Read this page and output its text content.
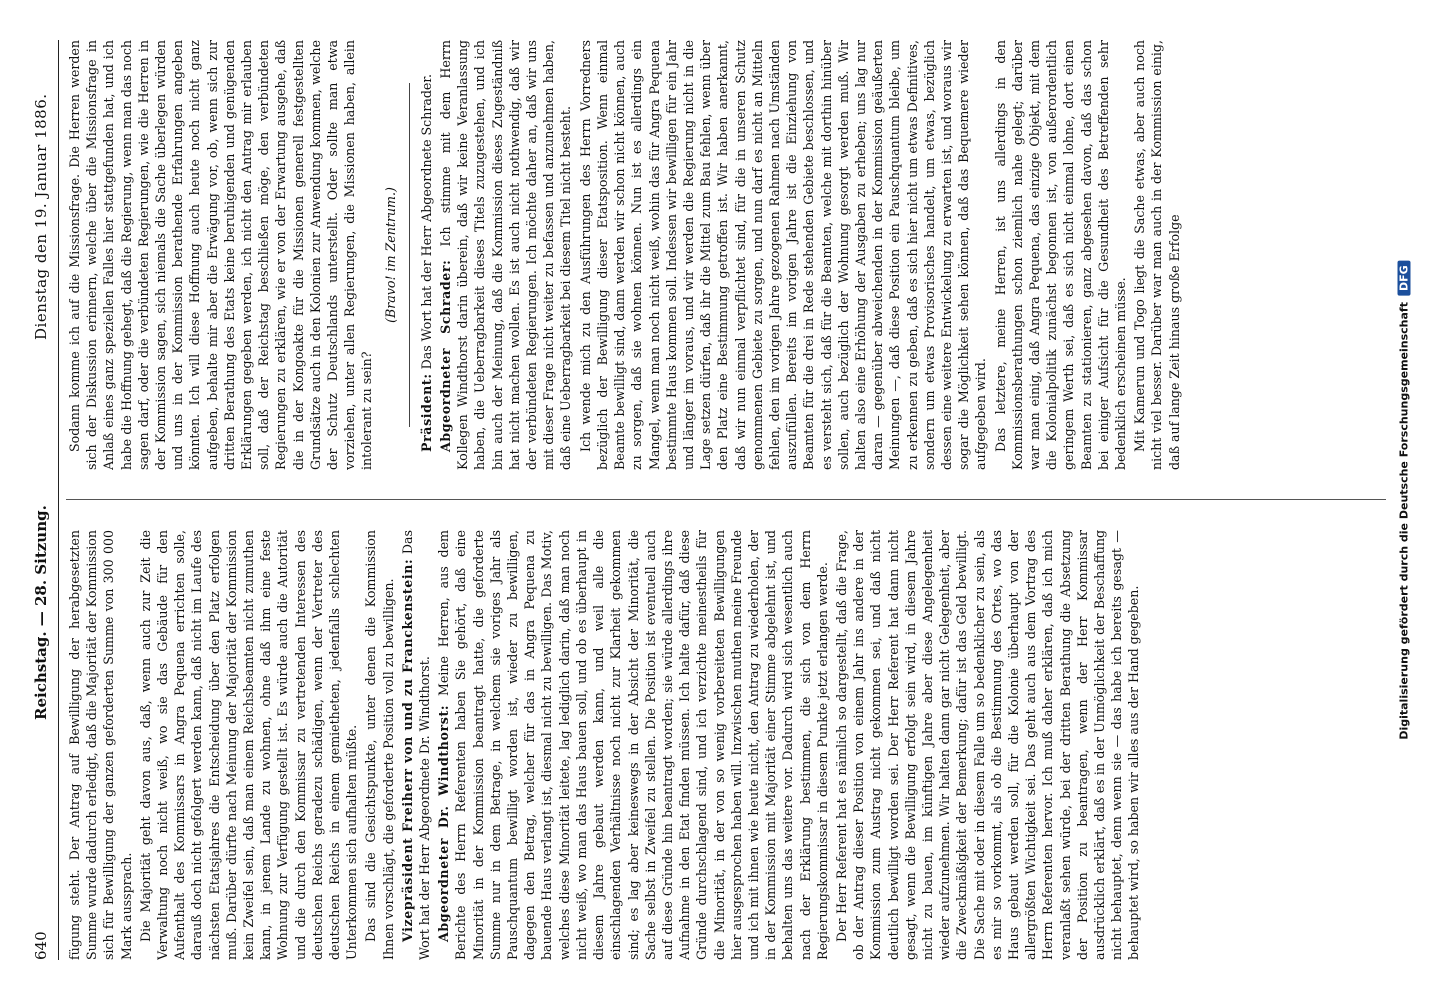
640
Reichstag. — 28. Sitzung.
Dienstag den 19. Januar 1886.

fügung steht. Der Antrag auf Bewilligung der herabgesetzten Summe wurde dadurch erledigt, daß die Majorität der Kommission sich für Bewilligung der ganzen geforderten Summe von 300 000 Mark aussprach. Die Majorität geht davon aus, daß, wenn auch zur Zeit die Verwaltung noch nicht weiß, wo sie das Gebäude für den Aufenthalt des Kommissars in Angra Pequena errichten solle, darauß doch nicht gefolgert werden kann, daß nicht im Laufe des nächsten Etatsjahres die Entscheidung über den Platz erfolgen muß. Darüber dürfte nach Meinung der Majorität der Kommission kein Zweifel sein, daß man einem Reichsbeamten nicht zumuthen kann, in jenem Lande zu wohnen, ohne daß ihm eine feste Wohnung zur Verfügung gestellt ist. Es würde auch die Autorität und die durch den Kommissar zu vertretenden Interessen des deutschen Reichs geradezu schädigen, wenn der Vertreter des deutschen Reichs in einem gemietheten, jedenfalls schlechten Unterkommen sich aufhalten müßte. Das sind die Gesichtspunkte, unter denen die Kommission Ihnen vorschlägt, die geforderte Position voll zu bewilligen. Vizepräsident Freiherr von und zu Franckenstein: Das Wort hat der Herr Abgeordnete Dr. Windthorst. Abgeordneter Dr. Windthorst: Meine Herren, aus dem Berichte des Herrn Referenten haben Sie gehört, daß eine Minorität in der Kommission beantragt hatte, die geforderte Summe nur in dem Betrage, in welchem sie voriges Jahr als Pauschquantum bewilligt worden ist, wieder zu bewilligen, dagegen den Betrag, welcher für das in Angra Pequena zu bauende Haus verlangt ist, diesmal nicht zu bewilligen. Das Motiv, welches diese Minorität leitete, lag lediglich darin, daß man noch nicht weiß, wo man das Haus bauen soll, und ob es überhaupt in diesem Jahre gebaut werden kann, und weil alle die einschlagenden Verhältnisse noch nicht zur Klarheit gekommen sind; es lag aber keineswegs in der Absicht der Minorität, die Sache selbst in Zweifel zu stellen. Die Position ist eventuell auch auf diese Gründe hin beantragt worden; sie würde allerdings ihre Aufnahme in den Etat finden müssen. Ich halte dafür, daß diese Gründe durchschlagend sind, und ich verzichte meinestheils für die Minorität, in der von so wenig vorbereiteten Bewilligungen hier ausgesprochen haben will. Inzwischen muthen meine Freunde und ich mit ihnen wie heute nicht, den Antrag zu wiederholen, der in der Kommission mit Majorität einer Stimme abgelehnt ist, und behalten uns das weitere vor. Dadurch wird sich wesentlich auch nach der Erklärung bestimmen, die sich von dem Herrn Regierungskommissar in diesem Punkte jetzt erlangen werde. Der Herr Referent hat es nämlich so dargestellt, daß die Frage, ob der Antrag dieser Position von einem Jahr ins andere in der Kommission zum Austrag nicht gekommen sei, und daß nicht deutlich bewilligt worden sei. Der Herr Referent hat dann nicht gesagt, wenn die Bewilligung erfolgt sein wird, in diesem Jahre nicht zu bauen, im künftigen Jahre aber diese Angelegenheit wieder aufzunehmen. Wir halten dann gar nicht Gelegenheit, aber die Zweckmäßigkeit der Bemerkung; dafür ist das Geld bewilligt. Die Sache mit oder in diesem Falle um so bedenklicher zu sein, als es mir so vorkommt, als ob die Bestimmung des Ortes, wo das Haus gebaut werden soll, für die Kolonie überhaupt von der allergrößten Wichtigkeit sei. Das geht auch aus dem Vortrag des Herrn Referenten hervor. Ich muß daher erklären, daß ich mich veranlaßt sehen würde, bei der dritten Berathung die Absetzung der Position zu beantragen, wenn der Herr Kommissar ausdrücklich erklärt, daß es in der Unmöglichkeit der Beschaffung nicht behauptet, denn wenn sie — das habe ich bereits gesagt — behauptet wird, so haben wir alles aus der Hand gegeben.

Sodann komme ich auf die Missionsfrage. Die Herren werden sich der Diskussion erinnern, welche über die Missionsfrage in Anlaß eines ganz speziellen Falles hier stattgefunden hat, und ich habe die Hoffnung gehegt, daß die Regierung, wenn man das noch sagen darf, oder die verbündeten Regierungen, wie die Herren in der Kommission sagen, sich niemals die Sache überlegen würden und uns in der Kommission berathende Erfahrungen angeben könnten. Ich will diese Hoffnung auch heute noch nicht ganz aufgeben, behalte mir aber die Erwägung vor, ob, wenn sich zur dritten Berathung des Etats keine beruhigenden und genügenden Erklärungen gegeben werden, ich nicht den Antrag mir erlauben soll, daß der Reichstag beschließen möge, den verbündeten Regierungen zu erklären, wie er von der Erwartung ausgehe, daß die in der Kongoakte für die Missionen generell festgestellten Grundsätze auch in den Kolonien zur Anwendung kommen, welche der Schutz Deutschlands unterstellt. Oder sollte man etwa vorziehen, unter allen Regierungen, die Missionen haben, allein intolerant zu sein?

(Bravo! im Zentrum.)

Präsident: Das Wort hat der Herr Abgeordnete Schrader. Abgeordneter Schrader: Ich stimme mit dem Herrn Kollegen Windthorst darin überein, daß wir keine Veranlassung haben, die Ueberragbarkeit dieses Titels zuzugestehen, und ich bin auch der Meinung, daß die Kommission dieses Zugeständniß hat nicht machen wollen. Es ist auch nicht nothwendig, daß wir der verbündeten Regierungen. Ich möchte daher an, daß wir uns mit dieser Frage nicht weiter zu befassen und anzunehmen haben, daß eine Ueberragbarkeit bei diesem Titel nicht besteht. Ich wende mich zu den Ausführungen des Herrn Vorredners bezüglich der Bewilligung dieser Etatsposition. Wenn einmal Beamte bewilligt sind, dann werden wir schon nicht können, auch zu sorgen, daß sie wohnen können. Nun ist es allerdings ein Mangel, wenn man noch nicht weiß, wohin das für Angra Pequena bestimmte Haus kommen soll. Indessen wir bewilligen für ein Jahr und länger im voraus, und wir werden die Regierung nicht in die Lage setzen dürfen, daß ihr die Mittel zum Bau fehlen, wenn über den Platz eine Bestimmung getroffen ist. Wir haben anerkannt, daß wir nun einmal verpflichtet sind, für die in unseren Schutz genommenen Gebiete zu sorgen, und nun darf es nicht an Mitteln fehlen, den im vorigen Jahre gezogenen Rahmen nach Umständen auszufüllen. Bereits im vorigen Jahre ist die Einziehung von Beamten für die drei in Rede stehenden Gebiete beschlossen, und es versteht sich, daß für die Beamten, welche mit dorthin hinüber sollen, auch bezüglich der Wohnung gesorgt werden muß. Wir halten also eine Erhöhung der Ausgaben zu erheben; uns lag nur daran — gegenüber abweichenden in der Kommission geäußerten Meinungen —, daß diese Position ein Pauschquantum bleibe, um zu erkennen zu geben, daß es sich hier nicht um etwas Definitives, sondern um etwas Provisorisches handelt, um etwas, bezüglich dessen eine weitere Entwickelung zu erwarten ist, und woraus wir sogar die Möglichkeit sehen können, daß das Bequemere wieder aufgegeben wird. Das letztere, meine Herren, ist uns allerdings in den Kommissionsberathungen schon ziemlich nahe gelegt; darüber war man einig, daß Angra Pequena, das einzige Objekt, mit dem die Kolonialpolitik zunächst begonnen ist, von außerordentlich geringem Werth sei, daß es sich nicht einmal lohne, dort einen Beamten zu stationieren, ganz abgesehen davon, daß das schon bei einiger Aufsicht für die Gesundheit des Betreffenden sehr bedenklich erscheinen müsse. Mit Kamerun und Togo liegt die Sache etwas, aber auch noch nicht viel besser. Darüber war man auch in der Kommission einig, daß auf lange Zeit hinaus große Erfolge	Digitalisierung gefördert durch die Deutsche ForschungsgemeinschaftDFG
